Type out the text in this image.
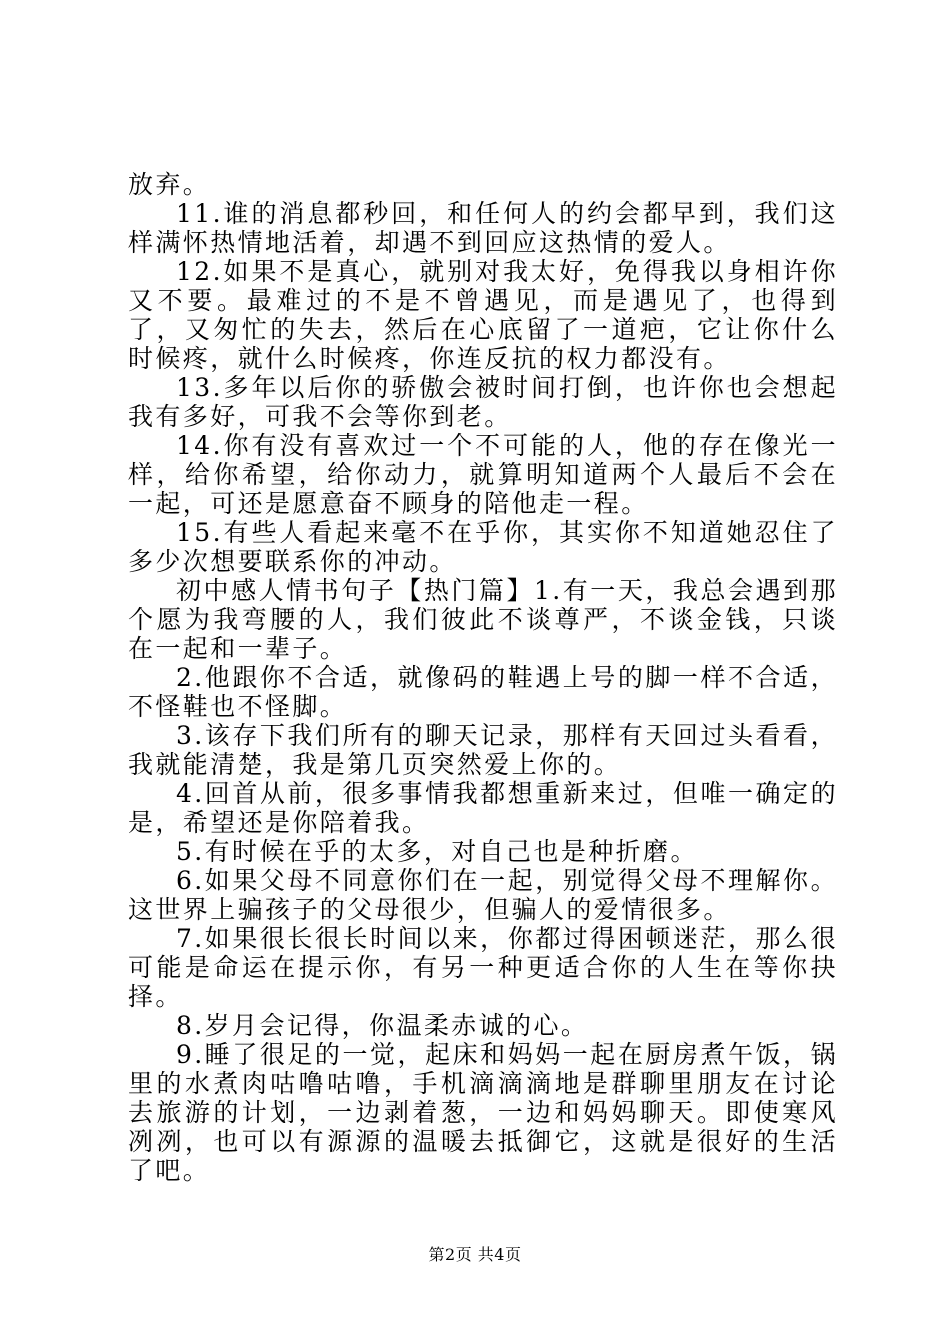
放弃。

11.谁的消息都秒回，和任何人的约会都早到，我们这样满怀热情地活着，却遇不到回应这热情的爱人。

12.如果不是真心，就别对我太好，免得我以身相许你又不要。最难过的不是不曾遇见，而是遇见了，也得到了，又匆忙的失去，然后在心底留了一道疤，它让你什么时候疼，就什么时候疼，你连反抗的权力都没有。

13.多年以后你的骄傲会被时间打倒，也许你也会想起我有多好，可我不会等你到老。

14.你有没有喜欢过一个不可能的人，他的存在像光一样，给你希望，给你动力，就算明知道两个人最后不会在一起，可还是愿意奋不顾身的陪他走一程。

15.有些人看起来毫不在乎你，其实你不知道她忍住了多少次想要联系你的冲动。

初中感人情书句子【热门篇】1.有一天，我总会遇到那个愿为我弯腰的人，我们彼此不谈尊严，不谈金钱，只谈在一起和一辈子。

2.他跟你不合适，就像码的鞋遇上号的脚一样不合适，不怪鞋也不怪脚。

3.该存下我们所有的聊天记录，那样有天回过头看看，我就能清楚，我是第几页突然爱上你的。

4.回首从前，很多事情我都想重新来过，但唯一确定的是，希望还是你陪着我。

5.有时候在乎的太多，对自己也是种折磨。

6.如果父母不同意你们在一起，别觉得父母不理解你。这世界上骗孩子的父母很少，但骗人的爱情很多。

7.如果很长很长时间以来，你都过得困顿迷茫，那么很可能是命运在提示你，有另一种更适合你的人生在等你抉择。

8.岁月会记得，你温柔赤诚的心。

9.睡了很足的一觉，起床和妈妈一起在厨房煮午饭，锅里的水煮肉咕噜咕噜，手机滴滴滴地是群聊里朋友在讨论去旅游的计划，一边剥着葱，一边和妈妈聊天。即使寒风冽冽，也可以有源源的温暖去抵御它，这就是很好的生活了吧。

第2页 共4页
